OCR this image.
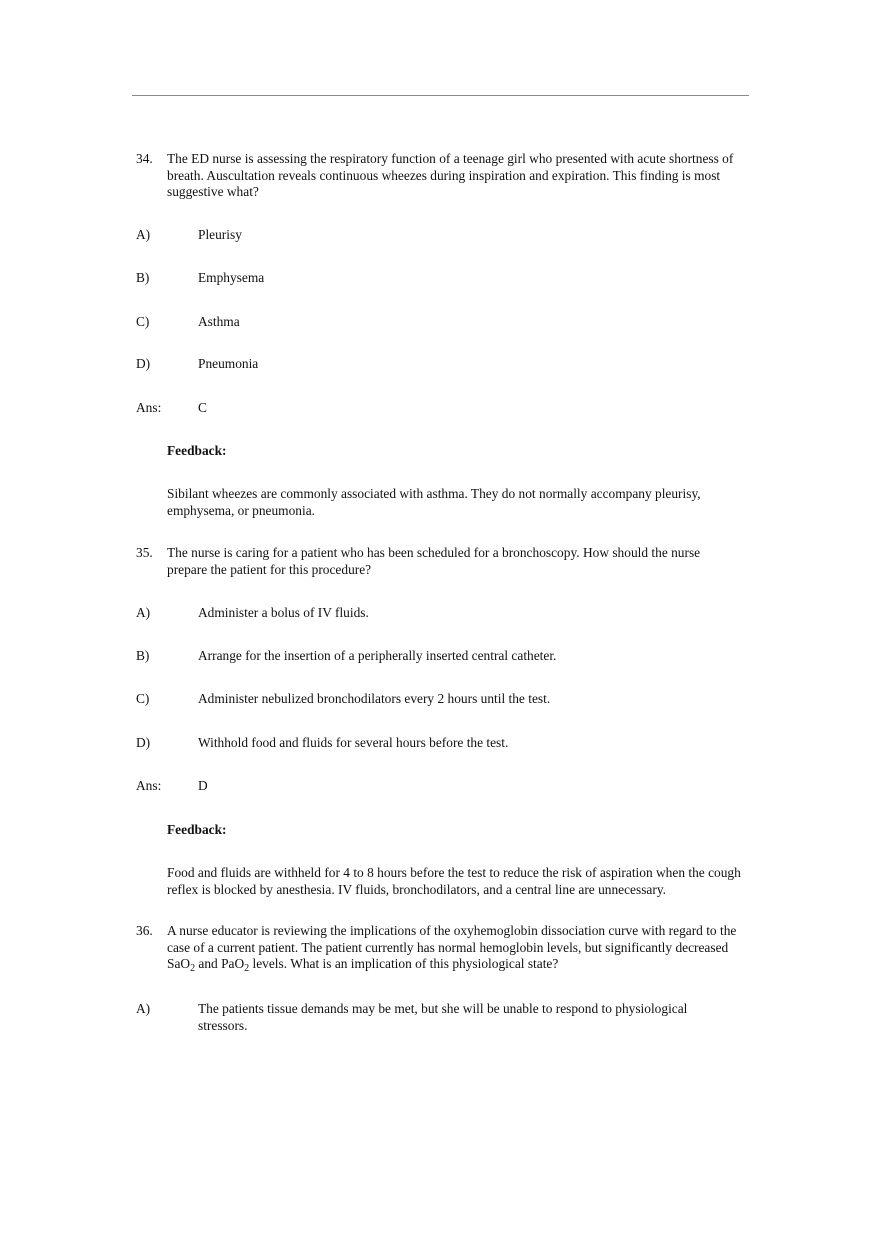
34. The ED nurse is assessing the respiratory function of a teenage girl who presented with acute shortness of breath. Auscultation reveals continuous wheezes during inspiration and expiration. This finding is most suggestive what?
A)	Pleurisy
B)	Emphysema
C)	Asthma
D)	Pneumonia
Ans:	C
Feedback:
Sibilant wheezes are commonly associated with asthma. They do not normally accompany pleurisy, emphysema, or pneumonia.
35. The nurse is caring for a patient who has been scheduled for a bronchoscopy. How should the nurse prepare the patient for this procedure?
A)	Administer a bolus of IV fluids.
B)	Arrange for the insertion of a peripherally inserted central catheter.
C)	Administer nebulized bronchodilators every 2 hours until the test.
D)	Withhold food and fluids for several hours before the test.
Ans:	D
Feedback:
Food and fluids are withheld for 4 to 8 hours before the test to reduce the risk of aspiration when the cough reflex is blocked by anesthesia. IV fluids, bronchodilators, and a central line are unnecessary.
36. A nurse educator is reviewing the implications of the oxyhemoglobin dissociation curve with regard to the case of a current patient. The patient currently has normal hemoglobin levels, but significantly decreased SaO$_2$ and PaO$_2$ levels. What is an implication of this physiological state?
A)	The patients tissue demands may be met, but she will be unable to respond to physiological stressors.
